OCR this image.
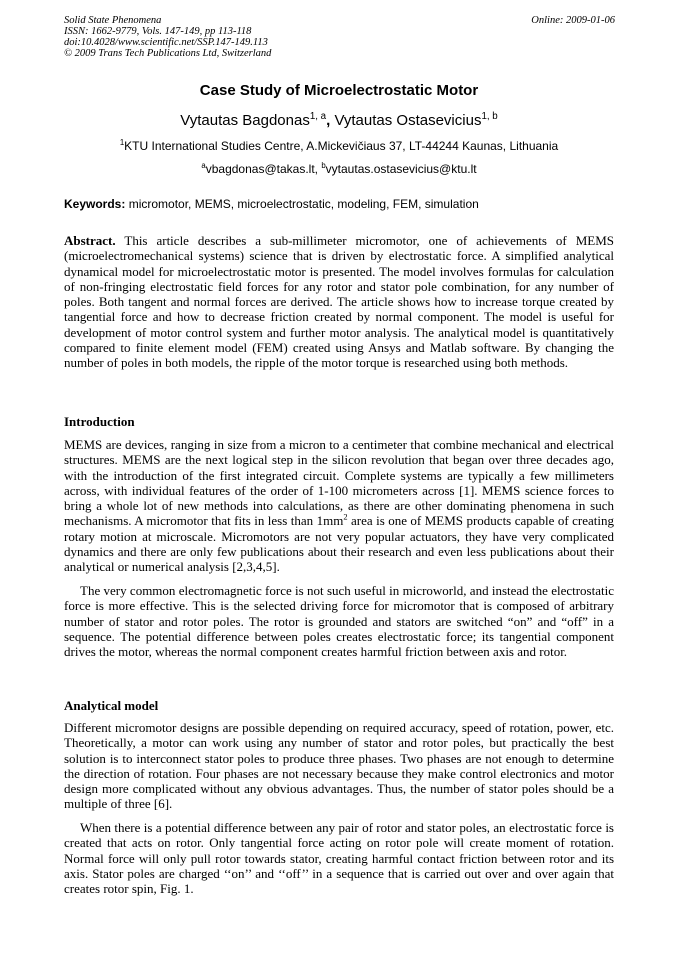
Solid State Phenomena
ISSN: 1662-9779, Vols. 147-149, pp 113-118
doi:10.4028/www.scientific.net/SSP.147-149.113
© 2009 Trans Tech Publications Ltd, Switzerland
Online: 2009-01-06
Case Study of Microelectrostatic Motor
Vytautas Bagdonas$^{1, a}$, Vytautas Ostasevicius$^{1, b}$
$^1$KTU International Studies Centre, A.Mickevičiaus 37, LT-44244 Kaunas, Lithuania
$^a$vbagdonas@takas.lt, $^b$vytautas.ostasevicius@ktu.lt
Keywords: micromotor, MEMS, microelectrostatic, modeling, FEM, simulation
Abstract. This article describes a sub-millimeter micromotor, one of achievements of MEMS (microelectromechanical systems) science that is driven by electrostatic force. A simplified analytical dynamical model for microelectrostatic motor is presented. The model involves formulas for calculation of non-fringing electrostatic field forces for any rotor and stator pole combination, for any number of poles. Both tangent and normal forces are derived. The article shows how to increase torque created by tangential force and how to decrease friction created by normal component. The model is useful for development of motor control system and further motor analysis. The analytical model is quantitatively compared to finite element model (FEM) created using Ansys and Matlab software. By changing the number of poles in both models, the ripple of the motor torque is researched using both methods.
Introduction
MEMS are devices, ranging in size from a micron to a centimeter that combine mechanical and electrical structures. MEMS are the next logical step in the silicon revolution that began over three decades ago, with the introduction of the first integrated circuit. Complete systems are typically a few millimeters across, with individual features of the order of 1-100 micrometers across [1]. MEMS science forces to bring a whole lot of new methods into calculations, as there are other dominating phenomena in such mechanisms. A micromotor that fits in less than $1mm^2$ area is one of MEMS products capable of creating rotary motion at microscale. Micromotors are not very popular actuators, they have very complicated dynamics and there are only few publications about their research and even less publications about their analytical or numerical analysis [2,3,4,5].
The very common electromagnetic force is not such useful in microworld, and instead the electrostatic force is more effective. This is the selected driving force for micromotor that is composed of arbitrary number of stator and rotor poles. The rotor is grounded and stators are switched “on” and “off” in a sequence. The potential difference between poles creates electrostatic force; its tangential component drives the motor, whereas the normal component creates harmful friction between axis and rotor.
Analytical model
Different micromotor designs are possible depending on required accuracy, speed of rotation, power, etc. Theoretically, a motor can work using any number of stator and rotor poles, but practically the best solution is to interconnect stator poles to produce three phases. Two phases are not enough to determine the direction of rotation. Four phases are not necessary because they make control electronics and motor design more complicated without any obvious advantages. Thus, the number of stator poles should be a multiple of three [6].
When there is a potential difference between any pair of rotor and stator poles, an electrostatic force is created that acts on rotor. Only tangential force acting on rotor pole will create moment of rotation. Normal force will only pull rotor towards stator, creating harmful contact friction between rotor and its axis. Stator poles are charged ‘‘on’’ and ‘‘off’’ in a sequence that is carried out over and over again that creates rotor spin, Fig. 1.
